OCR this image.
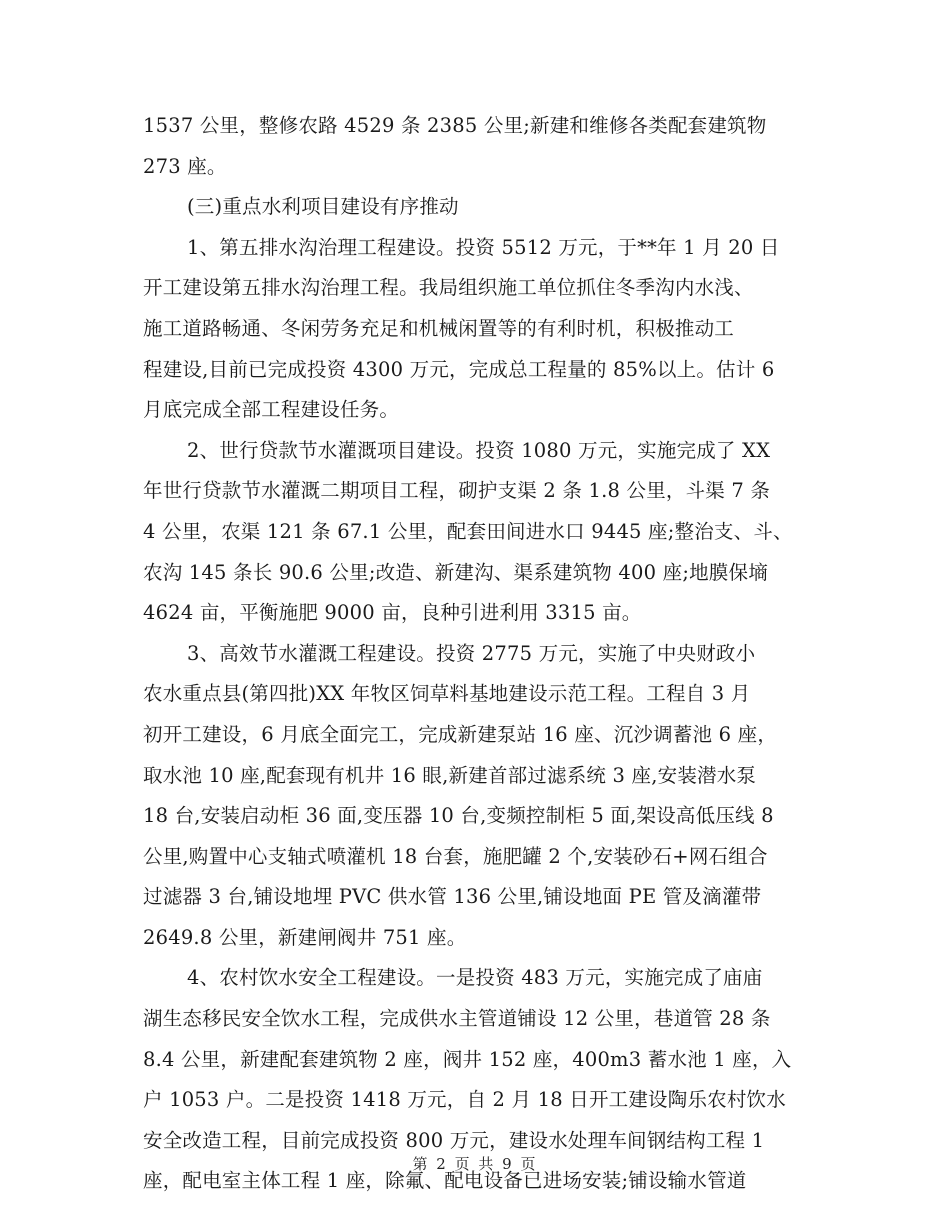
1537 公里，整修农路 4529 条 2385 公里;新建和维修各类配套建筑物
273 座。
(三)重点水利项目建设有序推动
1、第五排水沟治理工程建设。投资 5512 万元，于**年 1 月 20 日
开工建设第五排水沟治理工程。我局组织施工单位抓住冬季沟内水浅、
施工道路畅通、冬闲劳务充足和机械闲置等的有利时机，积极推动工
程建设,目前已完成投资 4300 万元，完成总工程量的 85%以上。估计 6
月底完成全部工程建设任务。
2、世行贷款节水灌溉项目建设。投资 1080 万元，实施完成了 XX
年世行贷款节水灌溉二期项目工程，砌护支渠 2 条 1.8 公里，斗渠 7 条
4 公里，农渠 121 条 67.1 公里，配套田间进水口 9445 座;整治支、斗、
农沟 145 条长 90.6 公里;改造、新建沟、渠系建筑物 400 座;地膜保墒
4624 亩，平衡施肥 9000 亩，良种引进利用 3315 亩。
3、高效节水灌溉工程建设。投资 2775 万元，实施了中央财政小
农水重点县(第四批)XX 年牧区饲草料基地建设示范工程。工程自 3 月
初开工建设，6 月底全面完工，完成新建泵站 16 座、沉沙调蓄池 6 座，
取水池 10 座,配套现有机井 16 眼,新建首部过滤系统 3 座,安装潜水泵
18 台,安装启动柜 36 面,变压器 10 台,变频控制柜 5 面,架设高低压线 8
公里,购置中心支轴式喷灌机 18 台套，施肥罐 2 个,安装砂石+网石组合
过滤器 3 台,铺设地埋 PVC 供水管 136 公里,铺设地面 PE 管及滴灌带
2649.8 公里，新建闸阀井 751 座。
4、农村饮水安全工程建设。一是投资 483 万元，实施完成了庙庙
湖生态移民安全饮水工程，完成供水主管道铺设 12 公里，巷道管 28 条
8.4 公里，新建配套建筑物 2 座，阀井 152 座，400m3 蓄水池 1 座，入
户 1053 户。二是投资 1418 万元，自 2 月 18 日开工建设陶乐农村饮水
安全改造工程，目前完成投资 800 万元，建设水处理车间钢结构工程 1
座，配电室主体工程 1 座，除氟、配电设备已进场安装;铺设输水管道
第 2 页 共 9 页
